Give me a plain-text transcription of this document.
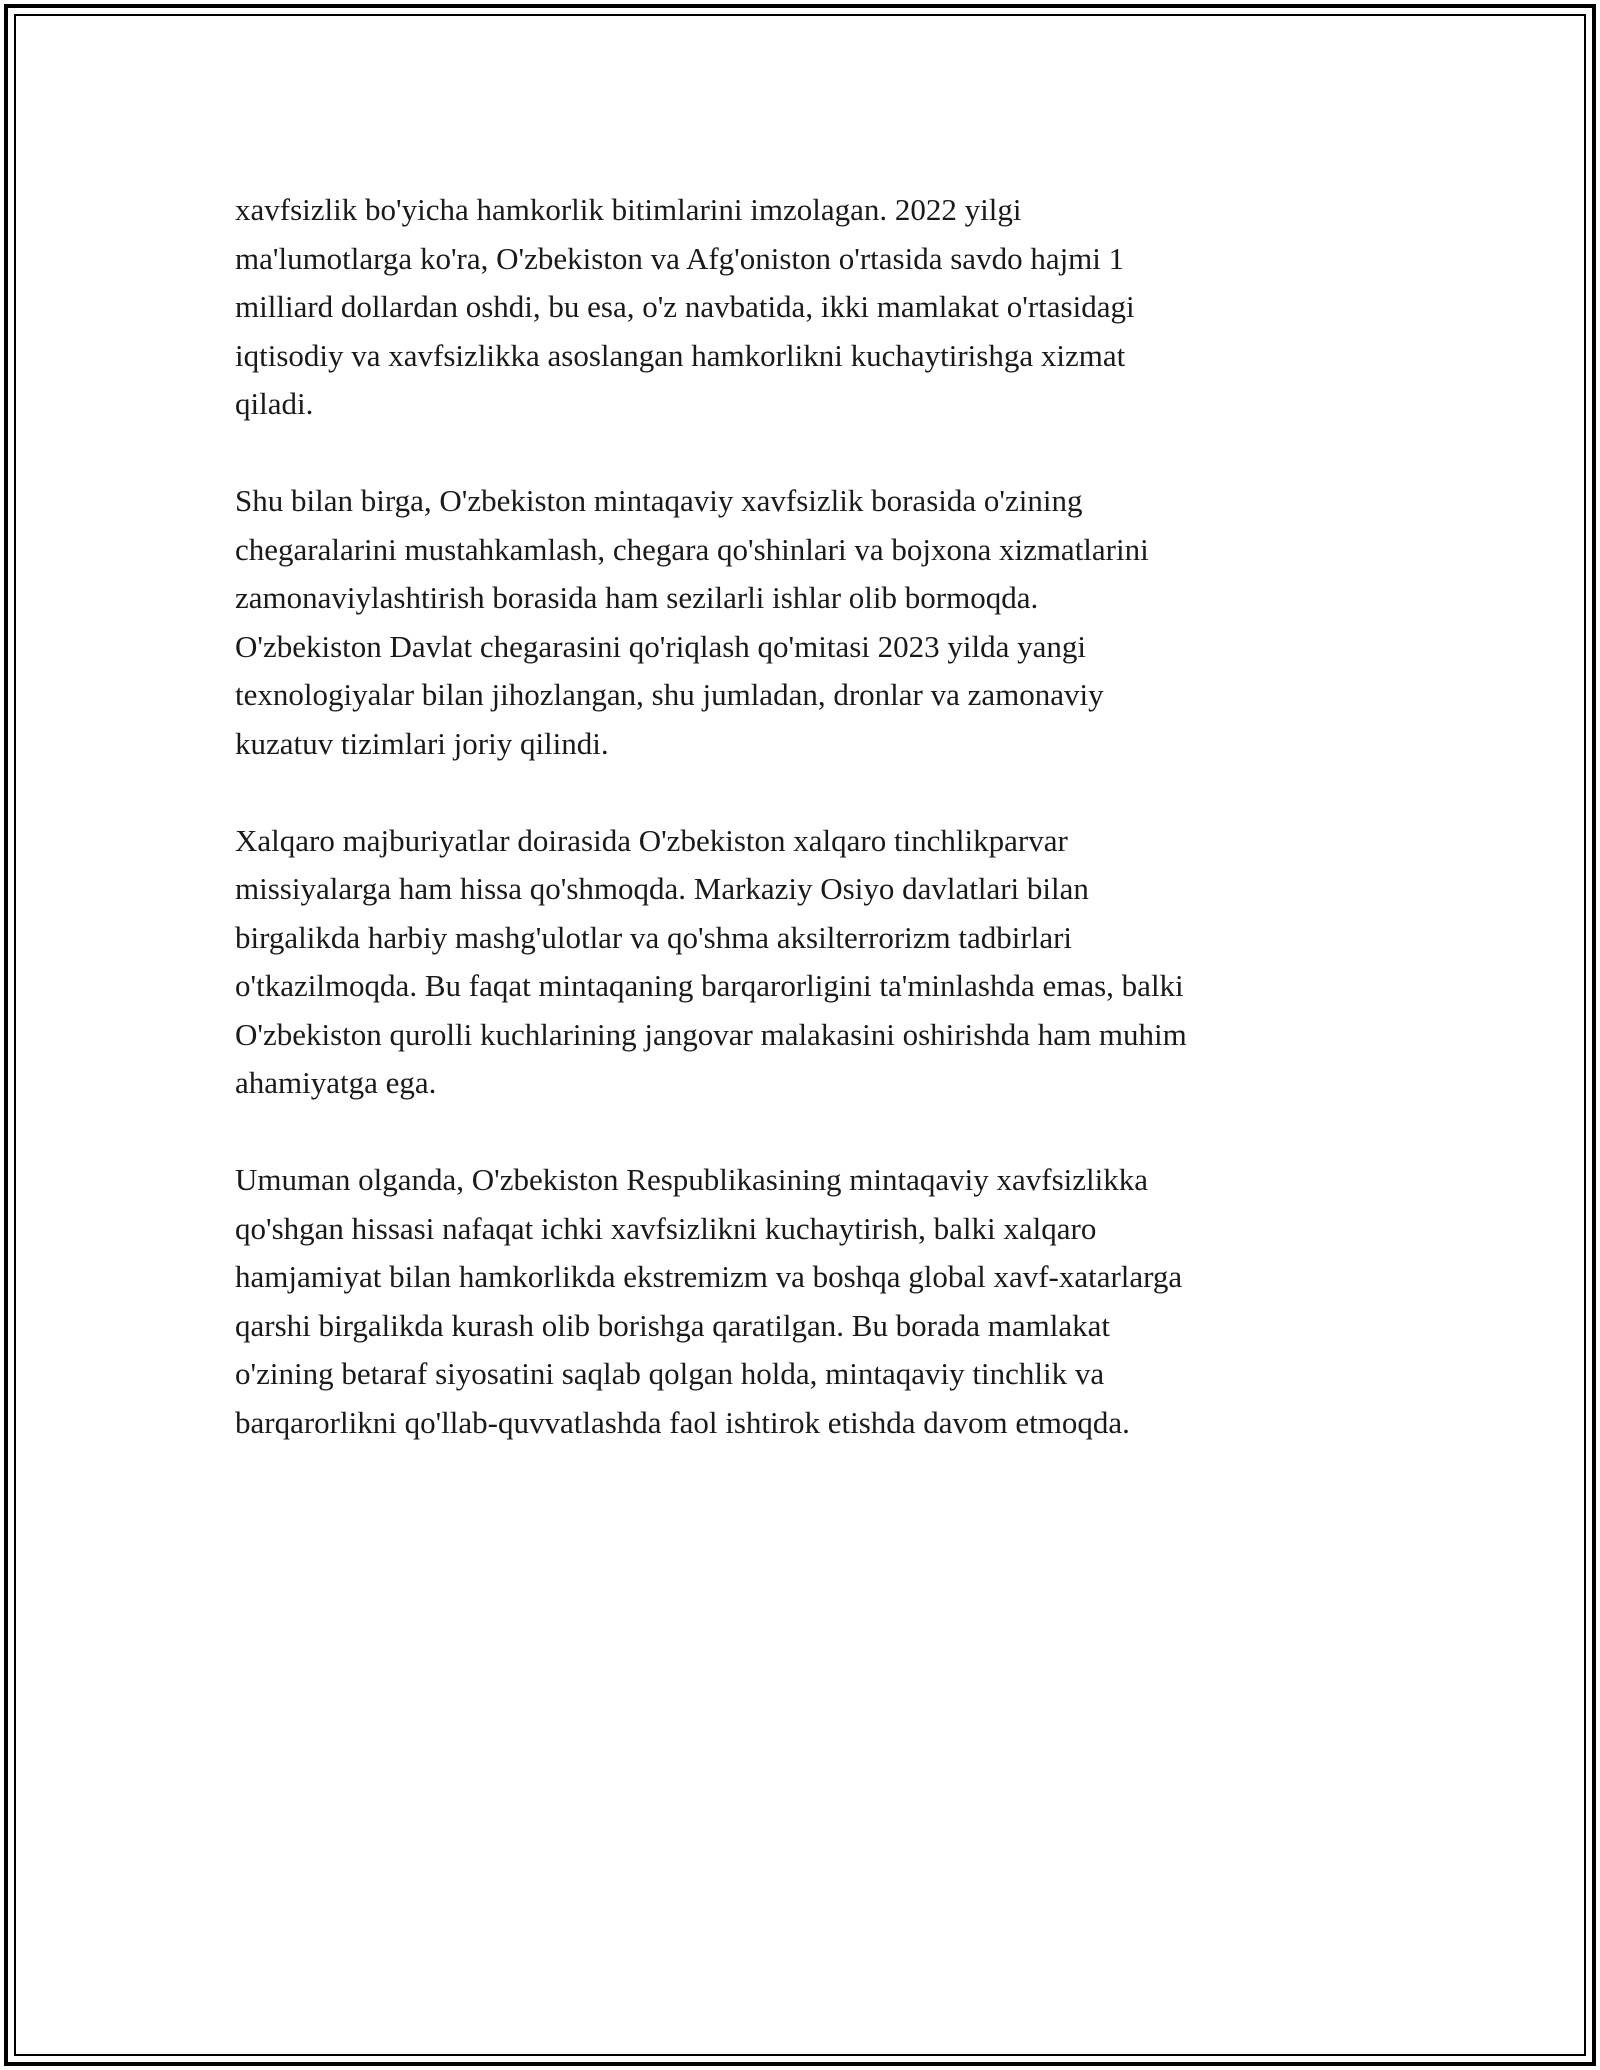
xavfsizlik bo'yicha hamkorlik bitimlarini imzolagan. 2022 yilgi
ma'lumotlarga ko'ra, O'zbekiston va Afg'oniston o'rtasida savdo hajmi 1
milliard dollardan oshdi, bu esa, o'z navbatida, ikki mamlakat o'rtasidagi
iqtisodiy va xavfsizlikka asoslangan hamkorlikni kuchaytirishga xizmat
qiladi.

Shu bilan birga, O'zbekiston mintaqaviy xavfsizlik borasida o'zining
chegaralarini mustahkamlash, chegara qo'shinlari va bojxona xizmatlarini
zamonaviylashtirish borasida ham sezilarli ishlar olib bormoqda.
O'zbekiston Davlat chegarasini qo'riqlash qo'mitasi 2023 yilda yangi
texnologiyalar bilan jihozlangan, shu jumladan, dronlar va zamonaviy
kuzatuv tizimlari joriy qilindi.

Xalqaro majburiyatlar doirasida O'zbekiston xalqaro tinchlikparvar
missiyalarga ham hissa qo'shmoqda. Markaziy Osiyo davlatlari bilan
birgalikda harbiy mashg'ulotlar va qo'shma aksilterrorizm tadbirlari
o'tkazilmoqda. Bu faqat mintaqaning barqarorligini ta'minlashda emas, balki
O'zbekiston qurolli kuchlarining jangovar malakasini oshirishda ham muhim
ahamiyatga ega.

Umuman olganda, O'zbekiston Respublikasining mintaqaviy xavfsizlikka
qo'shgan hissasi nafaqat ichki xavfsizlikni kuchaytirish, balki xalqaro
hamjamiyat bilan hamkorlikda ekstremizm va boshqa global xavf-xatarlarga
qarshi birgalikda kurash olib borishga qaratilgan. Bu borada mamlakat
o'zining betaraf siyosatini saqlab qolgan holda, mintaqaviy tinchlik va
barqarorlikni qo'llab-quvvatlashda faol ishtirok etishda davom etmoqda.
